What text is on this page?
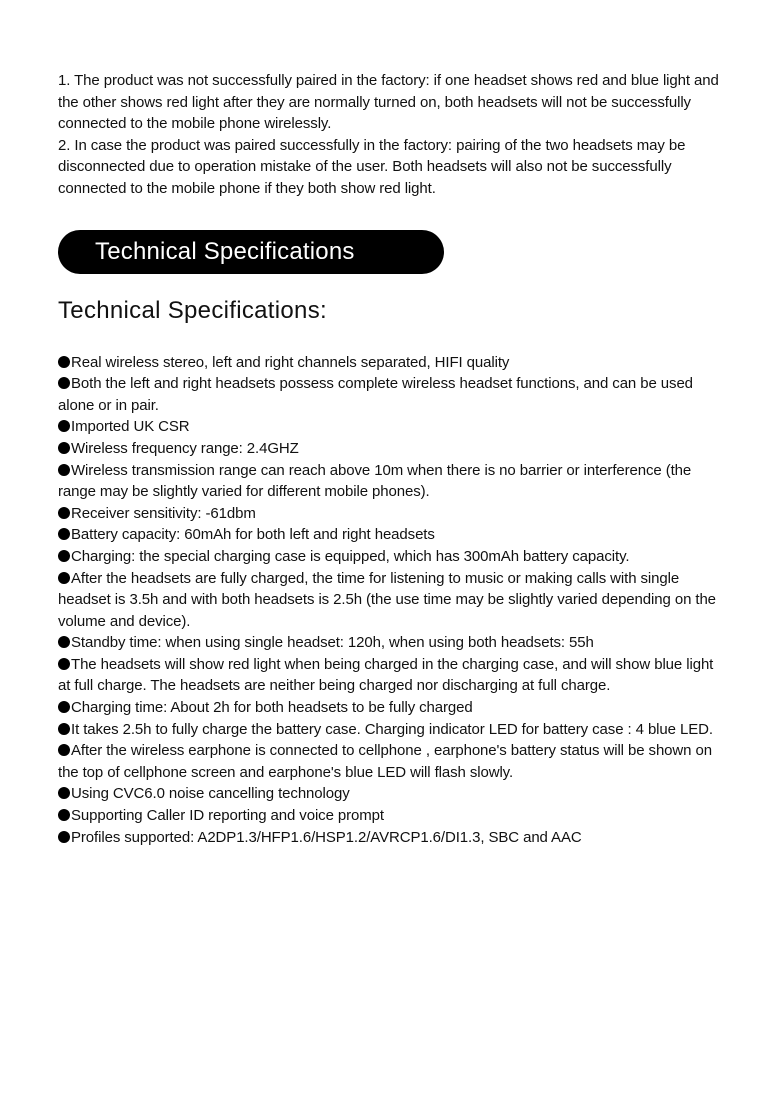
1. The product was not successfully paired in the factory: if one headset shows red and blue light and the other shows red light after they are normally turned on, both headsets will not be successfully connected to the mobile phone wirelessly.

2. In case the product was paired successfully in the factory: pairing of the two headsets may be disconnected due to operation mistake of the user. Both headsets will also not be successfully connected to the mobile phone if they both show red light.

Technical Specifications
Technical Specifications:
Real wireless stereo, left and right channels separated, HIFI quality
Both the left and right headsets possess complete wireless headset functions, and can be used alone or in pair.
Imported UK CSR
Wireless frequency range: 2.4GHZ
Wireless transmission range can reach above 10m when there is no barrier or interference (the range may be slightly varied for different mobile phones).
Receiver sensitivity: -61dbm
Battery capacity: 60mAh for both left and right headsets
Charging: the special charging case is equipped, which has 300mAh battery capacity.
After the headsets are fully charged, the time for listening to music or making calls with single headset is 3.5h and with both headsets is 2.5h (the use time may be slightly varied depending on the volume and device).
Standby time: when using single headset: 120h, when using both headsets: 55h
The headsets will show red light when being charged in the charging case, and will show blue light at full charge. The headsets are neither being charged nor discharging at full charge.
Charging time: About 2h for both headsets to be fully charged
It takes 2.5h to fully charge the battery case. Charging indicator LED for battery case : 4 blue LED.
After the wireless earphone is connected to cellphone , earphone's battery status will be shown on the top of cellphone screen and earphone's blue LED will flash slowly.
Using CVC6.0 noise cancelling technology
Supporting Caller ID reporting and voice prompt
Profiles supported: A2DP1.3/HFP1.6/HSP1.2/AVRCP1.6/DI1.3, SBC and AAC
